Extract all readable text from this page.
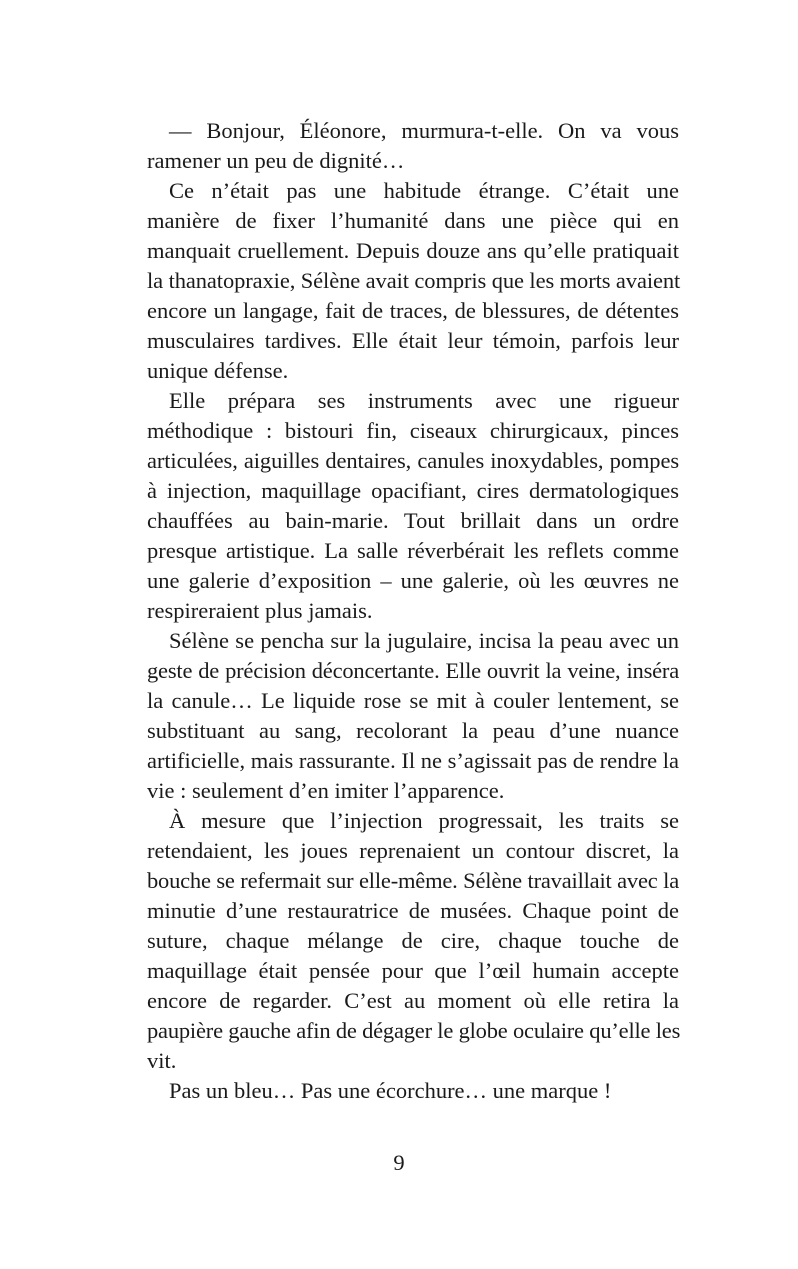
— Bonjour, Éléonore, murmura-t-elle. On va vous
ramener un peu de dignité…
Ce n’était pas une habitude étrange. C’était une
manière de fixer l’humanité dans une pièce qui en
manquait cruellement. Depuis douze ans qu’elle pratiquait
la thanatopraxie, Sélène avait compris que les morts avaient
encore un langage, fait de traces, de blessures, de détentes
musculaires tardives. Elle était leur témoin, parfois leur
unique défense.
Elle prépara ses instruments avec une rigueur
méthodique : bistouri fin, ciseaux chirurgicaux, pinces
articulées, aiguilles dentaires, canules inoxydables, pompes
à injection, maquillage opacifiant, cires dermatologiques
chauffées au bain-marie. Tout brillait dans un ordre
presque artistique. La salle réverbérait les reflets comme
une galerie d’exposition – une galerie, où les œuvres ne
respireraient plus jamais.
Sélène se pencha sur la jugulaire, incisa la peau avec un
geste de précision déconcertante. Elle ouvrit la veine, inséra
la canule… Le liquide rose se mit à couler lentement, se
substituant au sang, recolorant la peau d’une nuance
artificielle, mais rassurante. Il ne s’agissait pas de rendre la
vie : seulement d’en imiter l’apparence.
À mesure que l’injection progressait, les traits se
retendaient, les joues reprenaient un contour discret, la
bouche se refermait sur elle-même. Sélène travaillait avec la
minutie d’une restauratrice de musées. Chaque point de
suture, chaque mélange de cire, chaque touche de
maquillage était pensée pour que l’œil humain accepte
encore de regarder. C’est au moment où elle retira la
paupière gauche afin de dégager le globe oculaire qu’elle les
vit.
Pas un bleu… Pas une écorchure… une marque !
9
